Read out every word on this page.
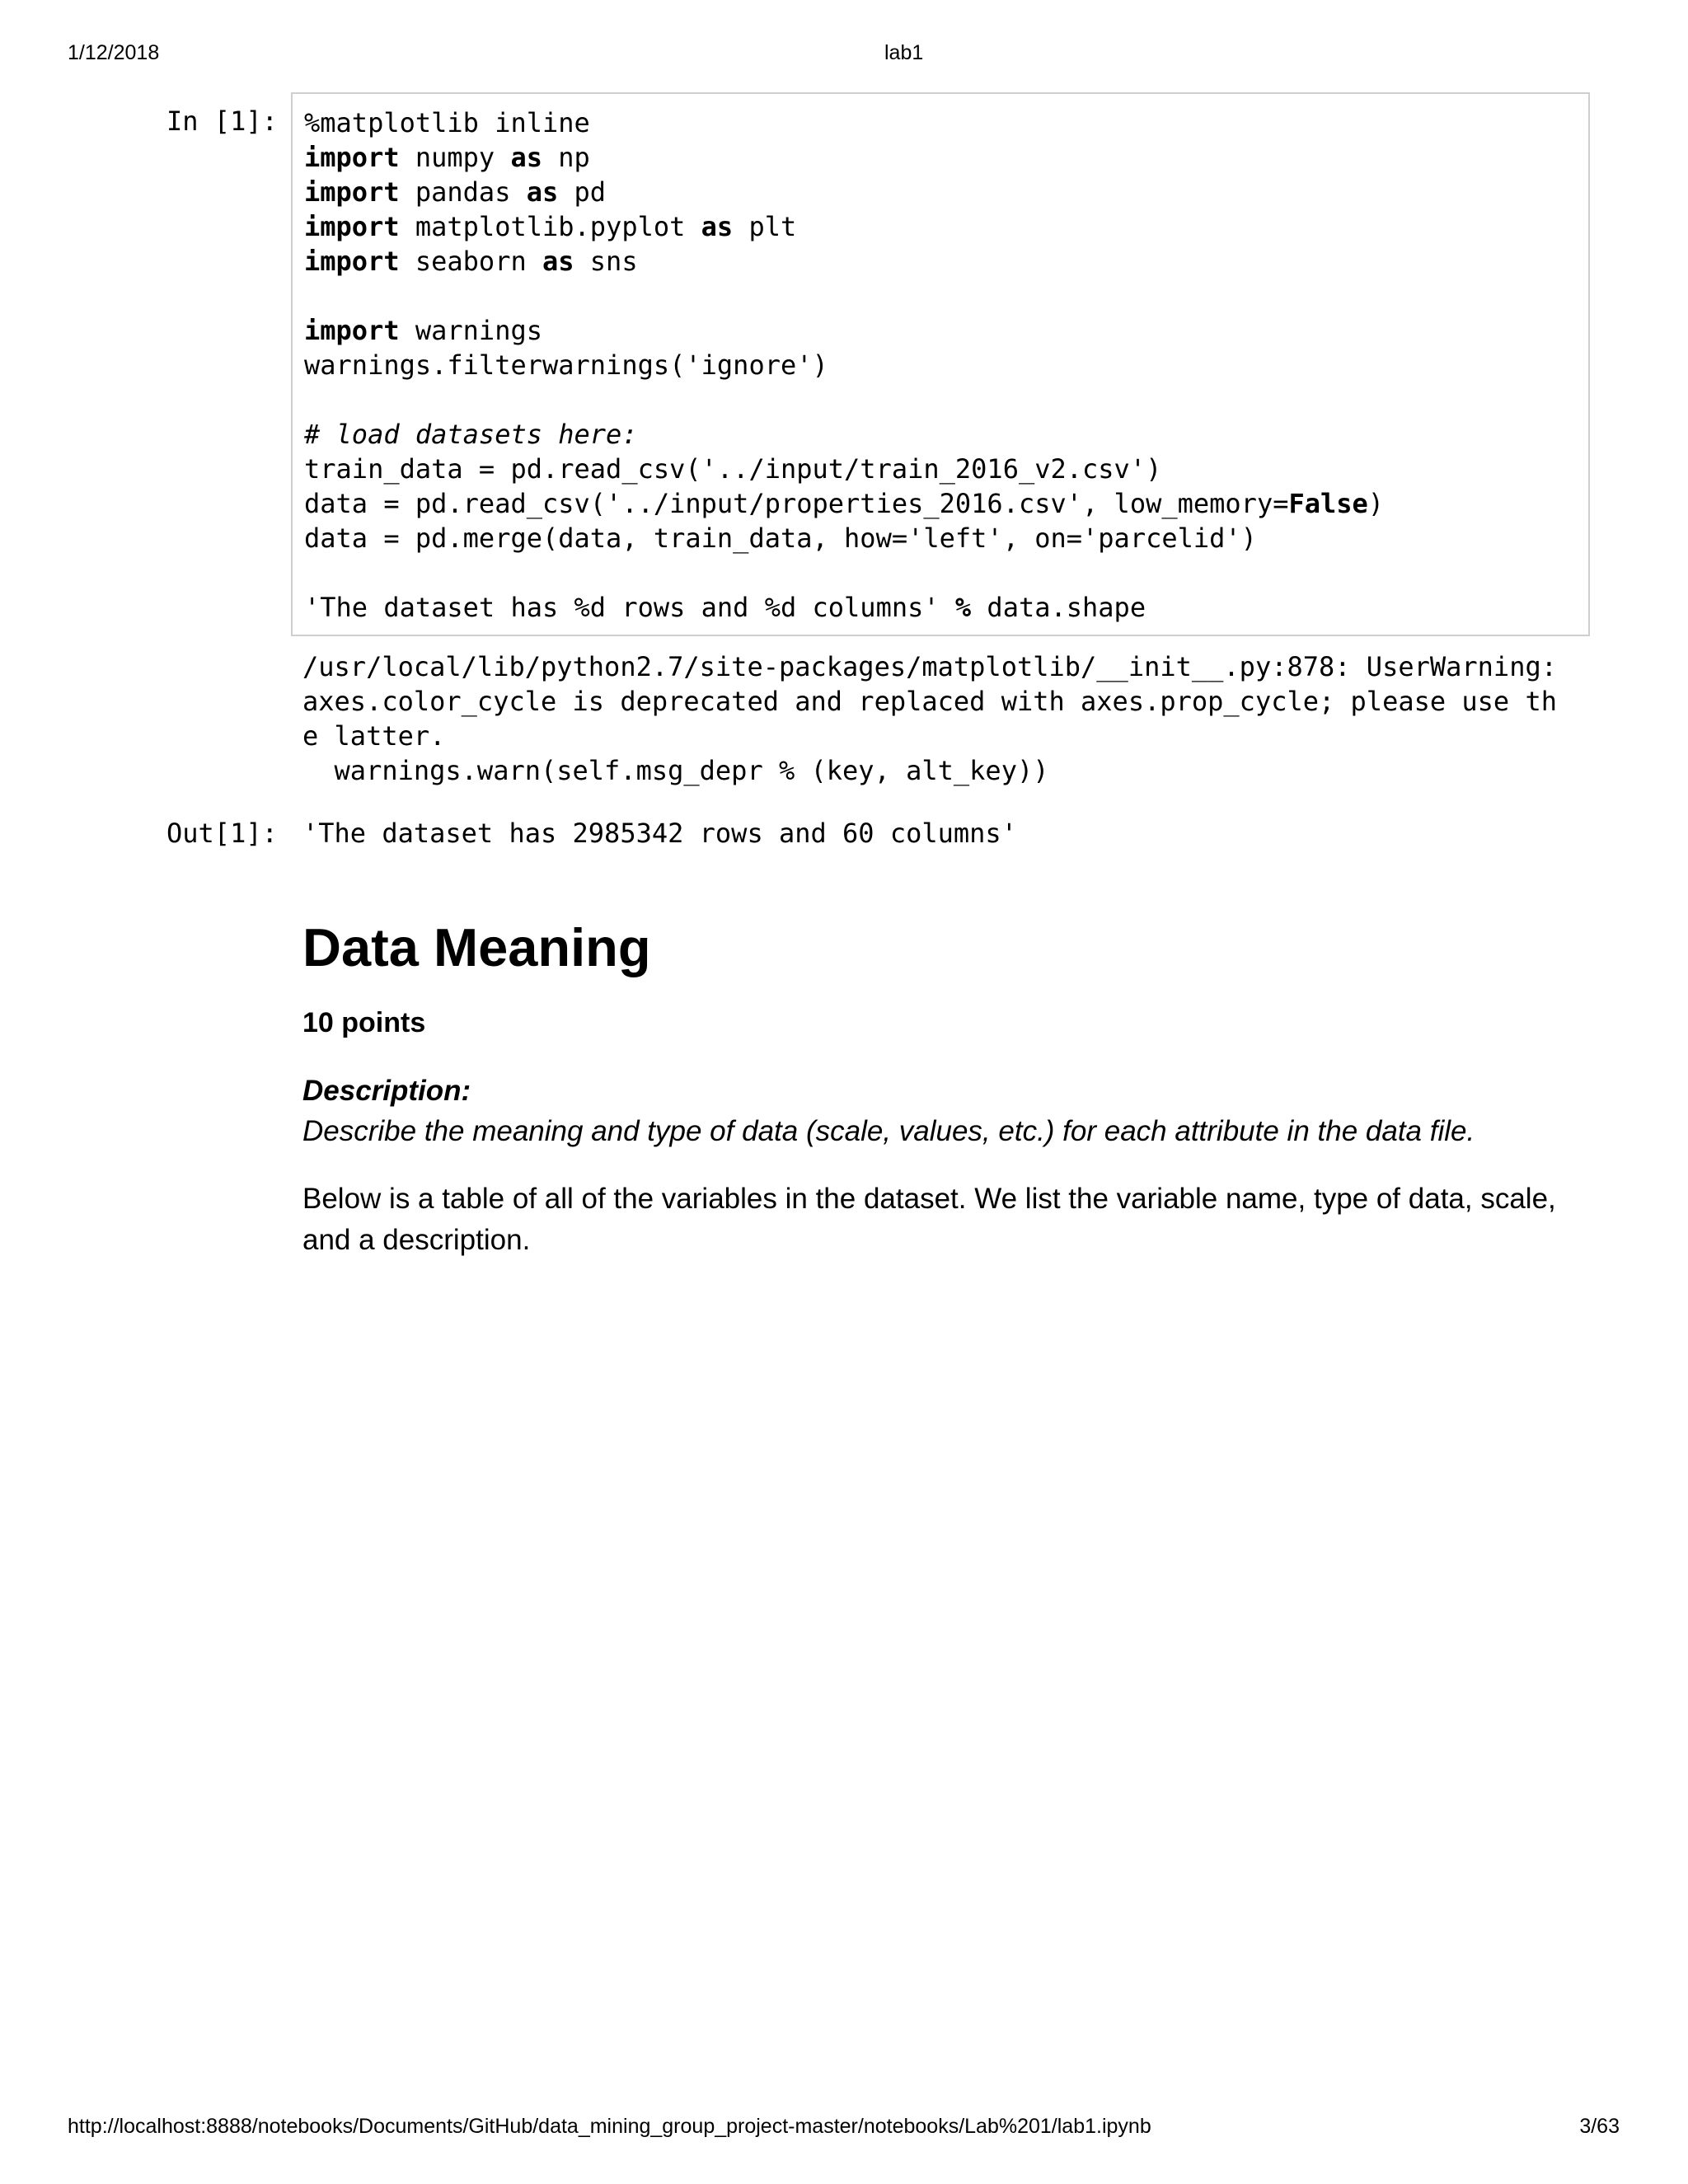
1/12/2018	lab1
In [1]: %matplotlib inline
import numpy as np
import pandas as pd
import matplotlib.pyplot as plt
import seaborn as sns
import warnings
warnings.filterwarnings('ignore')
# load datasets here:
train_data = pd.read_csv('../input/train_2016_v2.csv')
data = pd.read_csv('../input/properties_2016.csv', low_memory=False)
data = pd.merge(data, train_data, how='left', on='parcelid')
'The dataset has %d rows and %d columns' % data.shape
/usr/local/lib/python2.7/site-packages/matplotlib/__init__.py:878: UserWarning:
axes.color_cycle is deprecated and replaced with axes.prop_cycle; please use th
e latter.
warnings.warn(self.msg_depr % (key, alt_key))
Out[1]: 'The dataset has 2985342 rows and 60 columns'
Data Meaning
10 points
Description:
Describe the meaning and type of data (scale, values, etc.) for each attribute in the data file.
Below is a table of all of the variables in the dataset. We list the variable name, type of data, scale, and a description.
http://localhost:8888/notebooks/Documents/GitHub/data_mining_group_project-master/notebooks/Lab%201/lab1.ipynb	3/63
